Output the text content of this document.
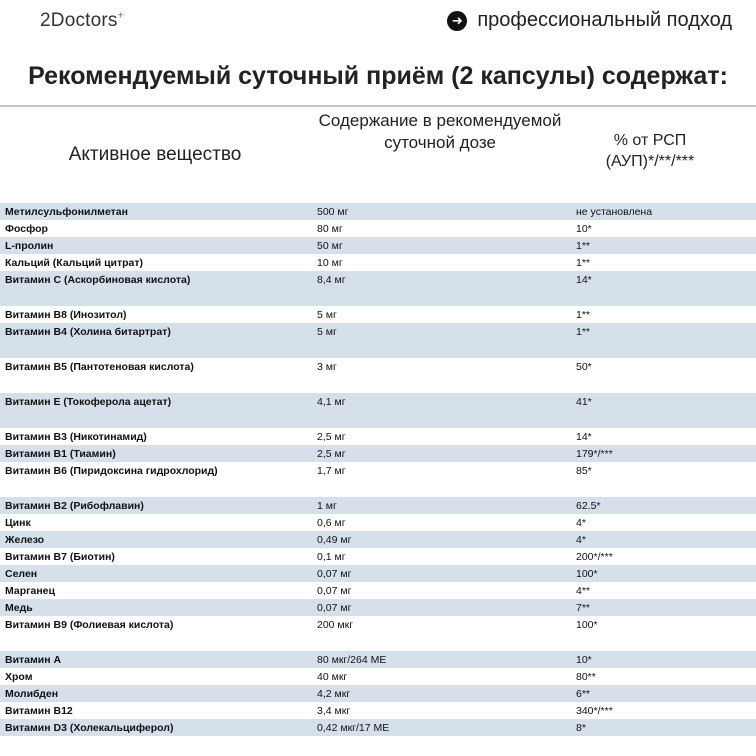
2Doctors+	➜ профессиональный подход
Рекомендуемый суточный приём (2 капсулы) содержат:
Активное вещество
Содержание в рекомендуемой суточной дозе	% от РСП (АУП)*/**/***
Метилсульфонилметан	500 мг	не установлена
Фосфор	80 мг	10*
L-пролин	50 мг	1**
Кальций (Кальций цитрат)	10 мг	1**
Витамин C (Аскорбиновая кислота)	8,4 мг	14*
Витамин B8 (Инозитол)	5 мг	1**
Витамин B4 (Холина битартрат)	5 мг	1**
Витамин B5 (Пантотеновая кислота)	3 мг	50*
Витамин E (Токоферола ацетат)	4,1 мг	41*
Витамин B3 (Никотинамид)	2,5 мг	14*
Витамин B1 (Тиамин)	2,5 мг	179*/***
Витамин B6 (Пиридоксина гидрохлорид)	1,7 мг	85*
Витамин B2 (Рибофлавин)	1 мг	62.5*
Цинк	0,6 мг	4*
Железо	0,49 мг	4*
Витамин B7 (Биотин)	0,1 мг	200*/***
Селен	0,07 мг	100*
Марганец	0,07 мг	4**
Медь	0,07 мг	7**
Витамин B9 (Фолиевая кислота)	200 мкг	100*
Витамин A	80 мкг/264 МЕ	10*
Хром	40 мкг	80**
Молибден	4,2 мкг	6**
Витамин B12	3,4 мкг	340*/***
Витамин D3 (Холекальциферол)	0,42 мкг/17 МЕ	8*
